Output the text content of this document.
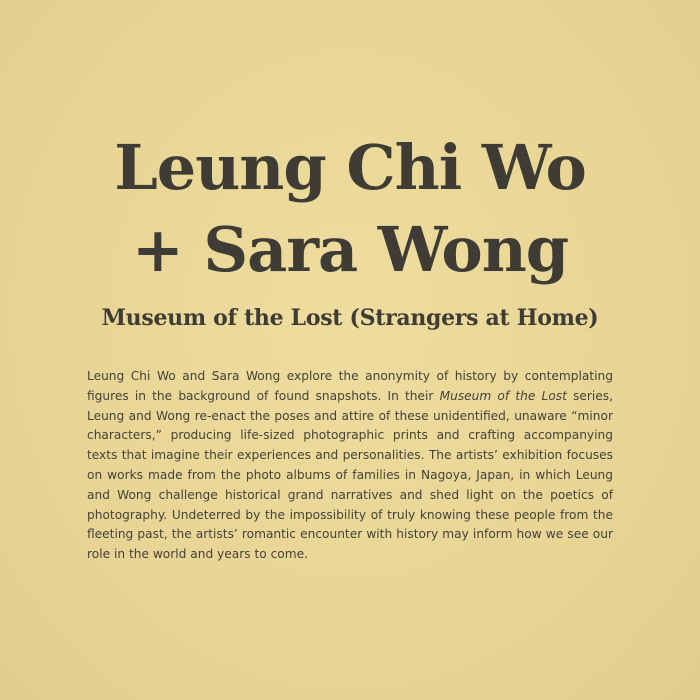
Leung Chi Wo
+ Sara Wong
Museum of the Lost (Strangers at Home)

Leung Chi Wo and Sara Wong explore the anonymity of history by contemplating figures in the background of found snapshots. In their Museum of the Lost series, Leung and Wong re-enact the poses and attire of these unidentified, unaware “minor characters,” producing life-sized photographic prints and crafting accompanying texts that imagine their experiences and personalities. The artists’ exhibition focuses on works made from the photo albums of families in Nagoya, Japan, in which Leung and Wong challenge historical grand narratives and shed light on the poetics of photography. Undeterred by the impossibility of truly knowing these people from the fleeting past, the artists’ romantic encounter with history may inform how we see our role in the world and years to come.
